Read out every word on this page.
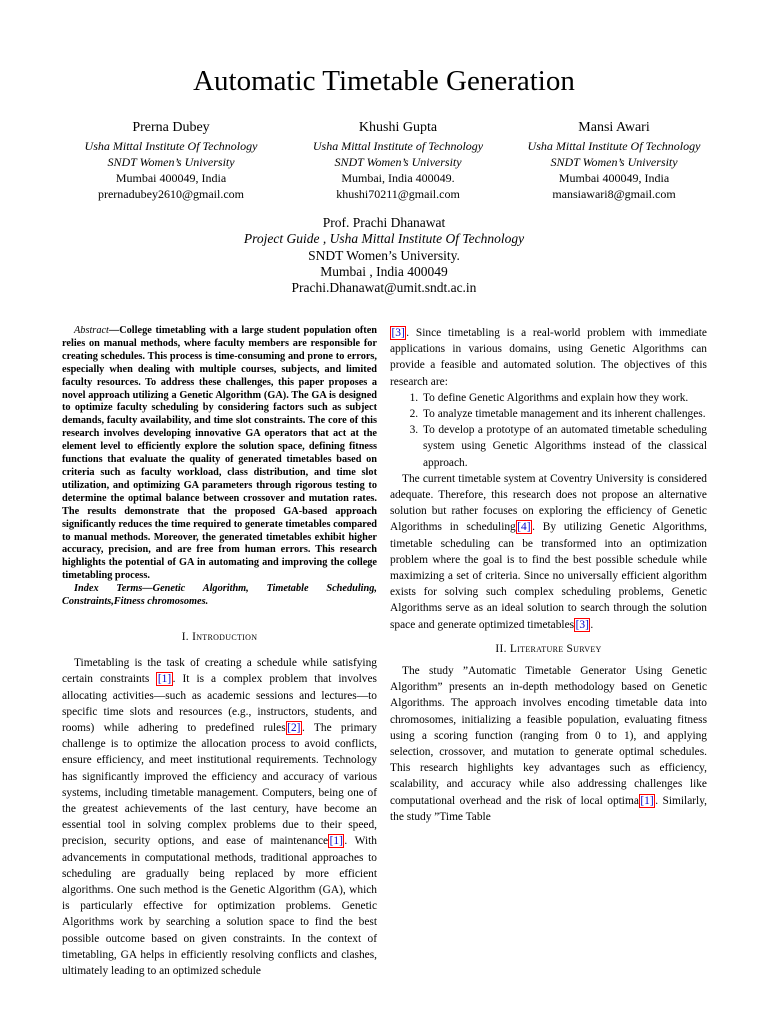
Automatic Timetable Generation
Prerna Dubey
Usha Mittal Institute Of Technology
SNDT Women’s University
Mumbai 400049, India
prernadubey2610@gmail.com
Khushi Gupta
Usha Mittal Institute of Technology
SNDT Women’s University
Mumbai, India 400049.
khushi70211@gmail.com
Mansi Awari
Usha Mittal Institute Of Technology
SNDT Women’s University
Mumbai 400049, India
mansiawari8@gmail.com
Prof. Prachi Dhanawat
Project Guide , Usha Mittal Institute Of Technology
SNDT Women’s University.
Mumbai , India 400049
Prachi.Dhanawat@umit.sndt.ac.in

Abstract—College timetabling with a large student population often relies on manual methods, where faculty members are responsible for creating schedules. This process is time-consuming and prone to errors, especially when dealing with multiple courses, subjects, and limited faculty resources. To address these challenges, this paper proposes a novel approach utilizing a Genetic Algorithm (GA). The GA is designed to optimize faculty scheduling by considering factors such as subject demands, faculty availability, and time slot constraints. The core of this research involves developing innovative GA operators that act at the element level to efficiently explore the solution space, defining fitness functions that evaluate the quality of generated timetables based on criteria such as faculty workload, class distribution, and time slot utilization, and optimizing GA parameters through rigorous testing to determine the optimal balance between crossover and mutation rates. The results demonstrate that the proposed GA-based approach significantly reduces the time required to generate timetables compared to manual methods. Moreover, the generated timetables exhibit higher accuracy, precision, and are free from human errors. This research highlights the potential of GA in automating and improving the college timetabling process.

Index Terms—Genetic Algorithm, Timetable Scheduling, Constraints,Fitness chromosomes.

I. Introduction

Timetabling is the task of creating a schedule while satisfying certain constraints [1] . It is a complex problem that involves allocating activities—such as academic sessions and lectures—to specific time slots and resources (e.g., instructors, students, and rooms) while adhering to predefined rules [2] . The primary challenge is to optimize the allocation process to avoid conflicts, ensure efficiency, and meet institutional requirements. Technology has significantly improved the efficiency and accuracy of various systems, including timetable management. Computers, being one of the greatest achievements of the last century, have become an essential tool in solving complex problems due to their speed, precision, security options, and ease of maintenance [1] . With advancements in computational methods, traditional approaches to scheduling are gradually being replaced by more efficient algorithms. One such method is the Genetic Algorithm (GA), which is particularly effective for optimization problems. Genetic Algorithms work by searching a solution space to find the best possible outcome based on given constraints. In the context of timetabling, GA helps in efficiently resolving conflicts and clashes, ultimately leading to an optimized schedule

[3] . Since timetabling is a real-world problem with immediate applications in various domains, using Genetic Algorithms can provide a feasible and automated solution. The objectives of this research are:

1. To define Genetic Algorithms and explain how they work.
2. To analyze timetable management and its inherent challenges.
3. To develop a prototype of an automated timetable scheduling system using Genetic Algorithms instead of the classical approach.

The current timetable system at Coventry University is considered adequate. Therefore, this research does not propose an alternative solution but rather focuses on exploring the efficiency of Genetic Algorithms in scheduling [4] . By utilizing Genetic Algorithms, timetable scheduling can be transformed into an optimization problem where the goal is to find the best possible schedule while maximizing a set of criteria. Since no universally efficient algorithm exists for solving such complex scheduling problems, Genetic Algorithms serve as an ideal solution to search through the solution space and generate optimized timetables [3] .

II. Literature Survey

The study ”Automatic Timetable Generator Using Genetic Algorithm” presents an in-depth methodology based on Genetic Algorithms. The approach involves encoding timetable data into chromosomes, initializing a feasible population, evaluating fitness using a scoring function (ranging from 0 to 1), and applying selection, crossover, and mutation to generate optimal schedules. This research highlights key advantages such as efficiency, scalability, and accuracy while also addressing challenges like computational overhead and the risk of local optima [1] . Similarly, the study ”Time Table
